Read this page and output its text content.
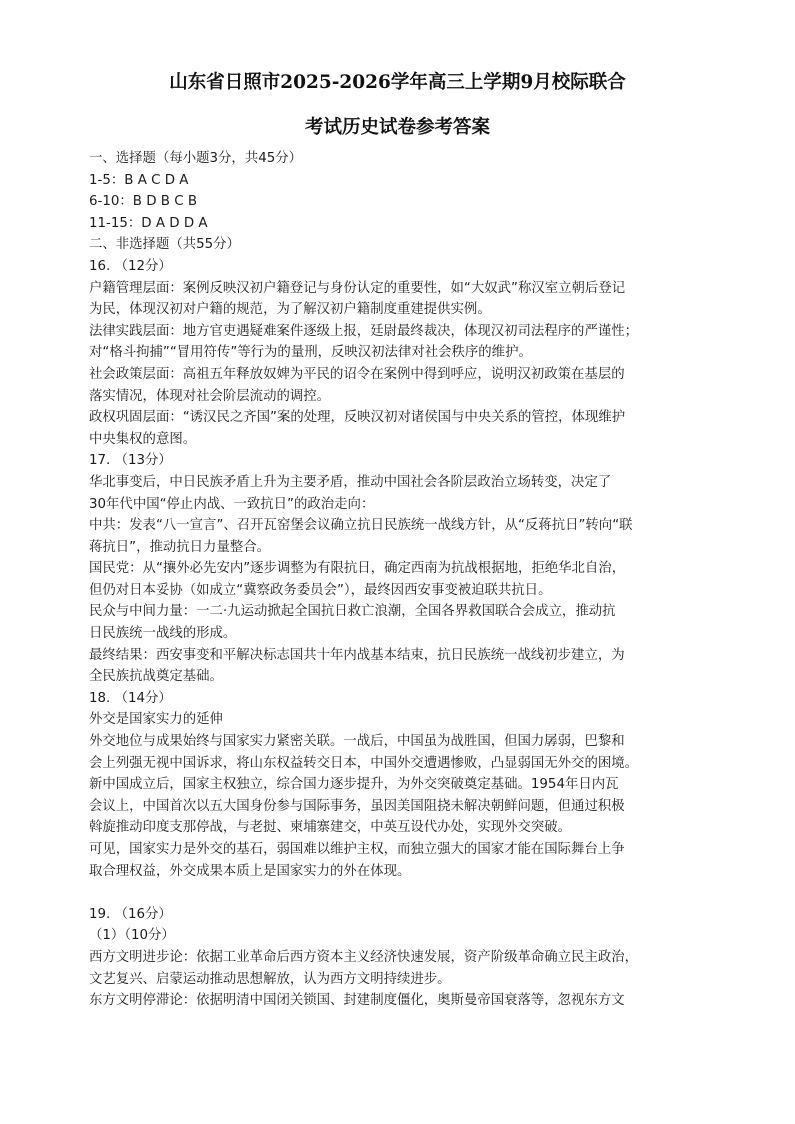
山东省日照市2025-2026学年高三上学期9月校际联合
考试历史试卷参考答案

一、选择题（每小题3分，共45分）

1-5：B A C D A

6-10：B D B C B

11-15：D A D D A

二、非选择题（共55分）

16. （12分）

户籍管理层面：案例反映汉初户籍登记与身份认定的重要性，如“大奴武”称汉室立朝后登记

为民，体现汉初对户籍的规范，为了解汉初户籍制度重建提供实例。

法律实践层面：地方官吏遇疑难案件逐级上报，廷尉最终裁决，体现汉初司法程序的严谨性；

对“格斗拘捕”“冒用符传”等行为的量刑，反映汉初法律对社会秩序的维护。

社会政策层面：高祖五年释放奴婢为平民的诏令在案例中得到呼应，说明汉初政策在基层的

落实情况，体现对社会阶层流动的调控。

政权巩固层面：“诱汉民之齐国”案的处理，反映汉初对诸侯国与中央关系的管控，体现维护

中央集权的意图。

17. （13分）

华北事变后，中日民族矛盾上升为主要矛盾，推动中国社会各阶层政治立场转变，决定了

30年代中国“停止内战、一致抗日”的政治走向：

中共：发表“八一宣言”、召开瓦窑堡会议确立抗日民族统一战线方针，从“反蒋抗日”转向“联

蒋抗日”，推动抗日力量整合。

国民党：从“攘外必先安内”逐步调整为有限抗日，确定西南为抗战根据地，拒绝华北自治，

但仍对日本妥协（如成立“冀察政务委员会”），最终因西安事变被迫联共抗日。

民众与中间力量：一二·九运动掀起全国抗日救亡浪潮，全国各界救国联合会成立，推动抗

日民族统一战线的形成。

最终结果：西安事变和平解决标志国共十年内战基本结束，抗日民族统一战线初步建立，为

全民族抗战奠定基础。

18. （14分）

外交是国家实力的延伸

外交地位与成果始终与国家实力紧密关联。一战后，中国虽为战胜国，但国力孱弱，巴黎和

会上列强无视中国诉求，将山东权益转交日本，中国外交遭遇惨败，凸显弱国无外交的困境。

新中国成立后，国家主权独立，综合国力逐步提升，为外交突破奠定基础。1954年日内瓦

会议上，中国首次以五大国身份参与国际事务，虽因美国阻挠未解决朝鲜问题，但通过积极

斡旋推动印度支那停战，与老挝、柬埔寨建交，中英互设代办处，实现外交突破。

可见，国家实力是外交的基石，弱国难以维护主权，而独立强大的国家才能在国际舞台上争

取合理权益，外交成果本质上是国家实力的外在体现。

19. （16分）

（1）（10分）

西方文明进步论：依据工业革命后西方资本主义经济快速发展，资产阶级革命确立民主政治，

文艺复兴、启蒙运动推动思想解放，认为西方文明持续进步。

东方文明停滞论：依据明清中国闭关锁国、封建制度僵化，奥斯曼帝国衰落等，忽视东方文
